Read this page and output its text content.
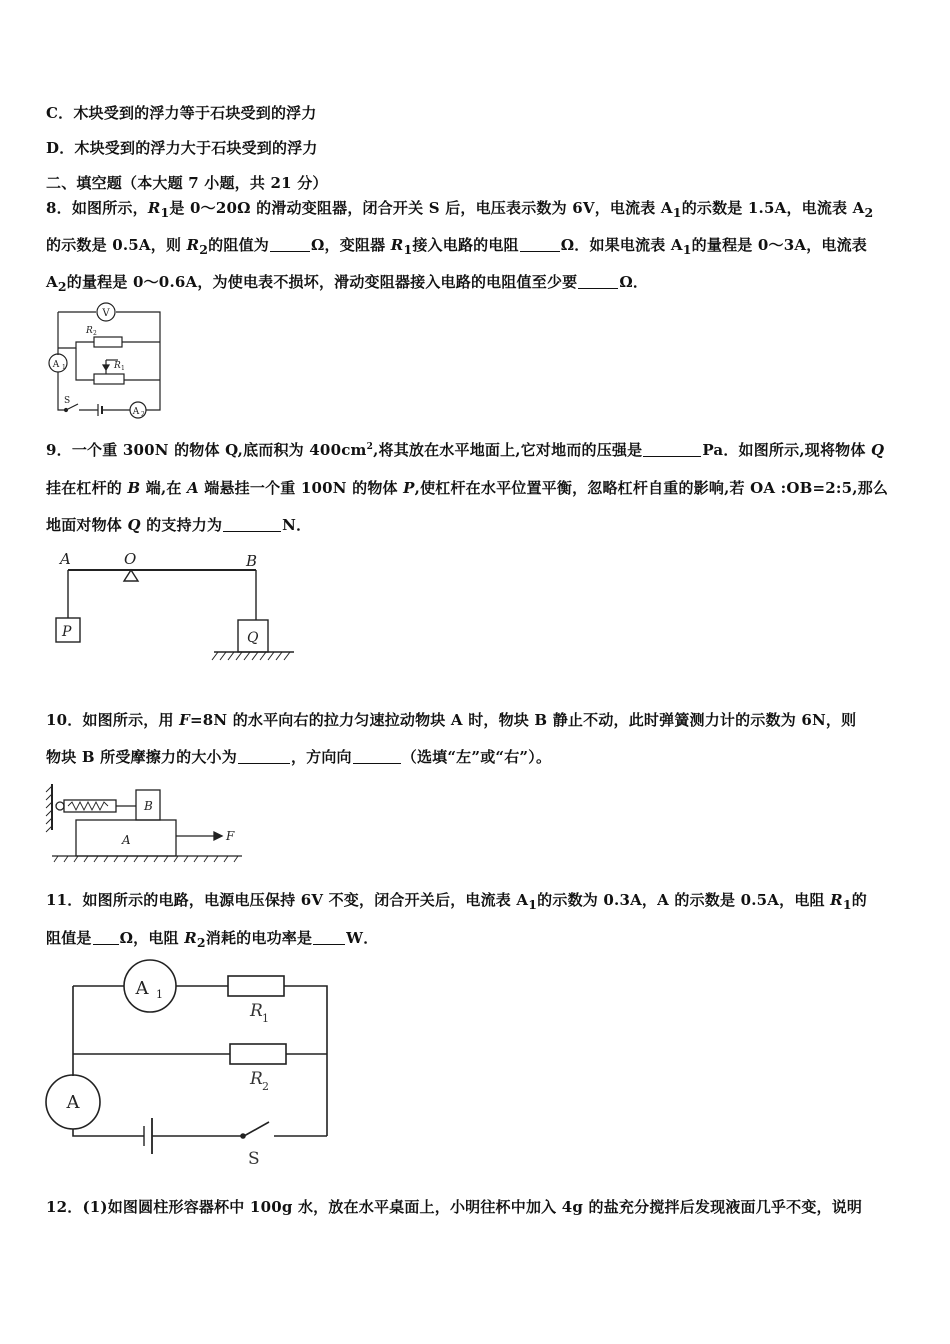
C．木块受到的浮力等于石块受到的浮力
D．木块受到的浮力大于石块受到的浮力
二、填空题（本大题 7 小题，共 21 分）
8．如图所示，$R_1$是 0～20Ω 的滑动变阻器，闭合开关 S 后，电压表示数为 6V，电流表 $A_1$的示数是 1.5A，电流表 $A_2$
的示数是 0.5A，则 $R_2$的阻值为	Ω，变阻器 $R_1$接入电路的电阻	Ω．如果电流表 $A_1$的量程是 0～3A，电流表
$A_2$的量程是 0～0.6A，为使电表不损坏，滑动变阻器接入电路的电阻值至少要	Ω．
V
A 1
R 2
R 1
S
A 2
9．一个重 300N 的物体 Q,底而积为 $400cm^2$,将其放在水平地面上,它对地而的压强是	Pa．如图所示,现将物体 Q
挂在杠杆的 B 端,在 A 端悬挂一个重 100N 的物体 P,使杠杆在水平位置平衡，忽略杠杆自重的影响,若 OA :OB=2:5,那么
地面对物体 Q 的支持力为	N．
A	O	B
P	Q
10．如图所示，用 F=8N 的水平向右的拉力匀速拉动物块 A 时，物块 B 静止不动，此时弹簧测力计的示数为 6N，则
物块 B 所受摩擦力的大小为	，方向向	（选填“左”或“右”）。
B
A	F
11．如图所示的电路，电源电压保持 6V 不变，闭合开关后，电流表 $A_1$的示数为 0.3A，A 的示数是 0.5A，电阻 $R_1$的
阻值是 Ω，电阻 $R_2$消耗的电功率是 W．
A 1
R 1
R 2
A
S
12．(1)如图圆柱形容器杯中 100g 水，放在水平桌面上，小明往杯中加入 4g 的盐充分搅拌后发现液面几乎不变，说明
